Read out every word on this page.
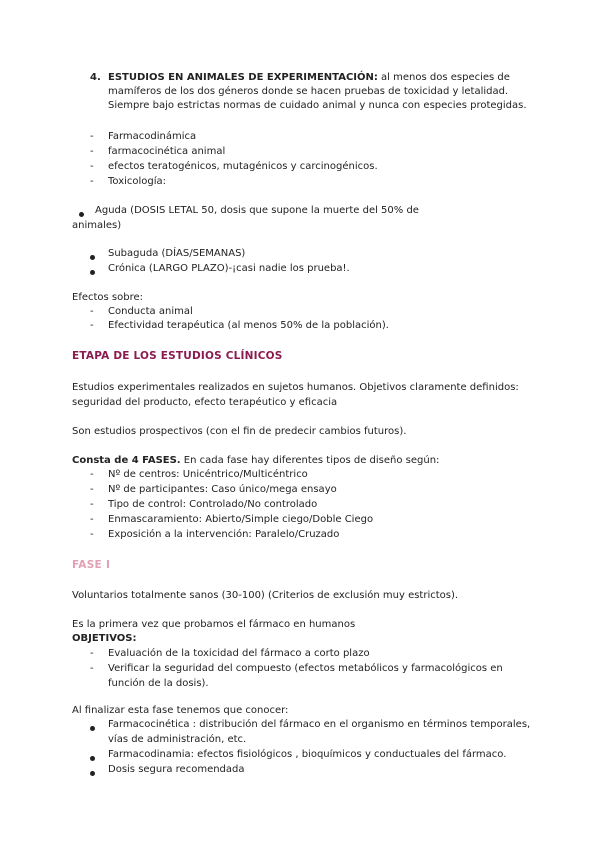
4. ESTUDIOS EN ANIMALES DE EXPERIMENTACIÓN: al menos dos especies de
mamíferos de los dos géneros donde se hacen pruebas de toxicidad y letalidad.
Siempre bajo estrictas normas de cuidado animal y nunca con especies protegidas.
- Farmacodinámica
- farmacocinética animal
- efectos teratogénicos, mutagénicos y carcinogénicos.
- Toxicología:
Aguda (DOSIS LETAL 50, dosis que supone la muerte del 50% de
animales)
Subaguda (DÍAS/SEMANAS)
Crónica (LARGO PLAZO)-¡casi nadie los prueba!.
Efectos sobre:
- Conducta animal
- Efectividad terapéutica (al menos 50% de la población).
ETAPA DE LOS ESTUDIOS CLÍNICOS
Estudios experimentales realizados en sujetos humanos. Objetivos claramente definidos:
seguridad del producto, efecto terapéutico y eficacia
Son estudios prospectivos (con el fin de predecir cambios futuros).
Consta de 4 FASES. En cada fase hay diferentes tipos de diseño según:
- Nº de centros: Unicéntrico/Multicéntrico
- Nº de participantes: Caso único/mega ensayo
- Tipo de control: Controlado/No controlado
- Enmascaramiento: Abierto/Simple ciego/Doble Ciego
- Exposición a la intervención: Paralelo/Cruzado
FASE I
Voluntarios totalmente sanos (30-100) (Criterios de exclusión muy estrictos).
Es la primera vez que probamos el fármaco en humanos
OBJETIVOS:
- Evaluación de la toxicidad del fármaco a corto plazo
- Verificar la seguridad del compuesto (efectos metabólicos y farmacológicos en
función de la dosis).
Al finalizar esta fase tenemos que conocer:
Farmacocinética : distribución del fármaco en el organismo en términos temporales,
vías de administración, etc.
Farmacodinamia: efectos fisiológicos , bioquímicos y conductuales del fármaco.
Dosis segura recomendada
